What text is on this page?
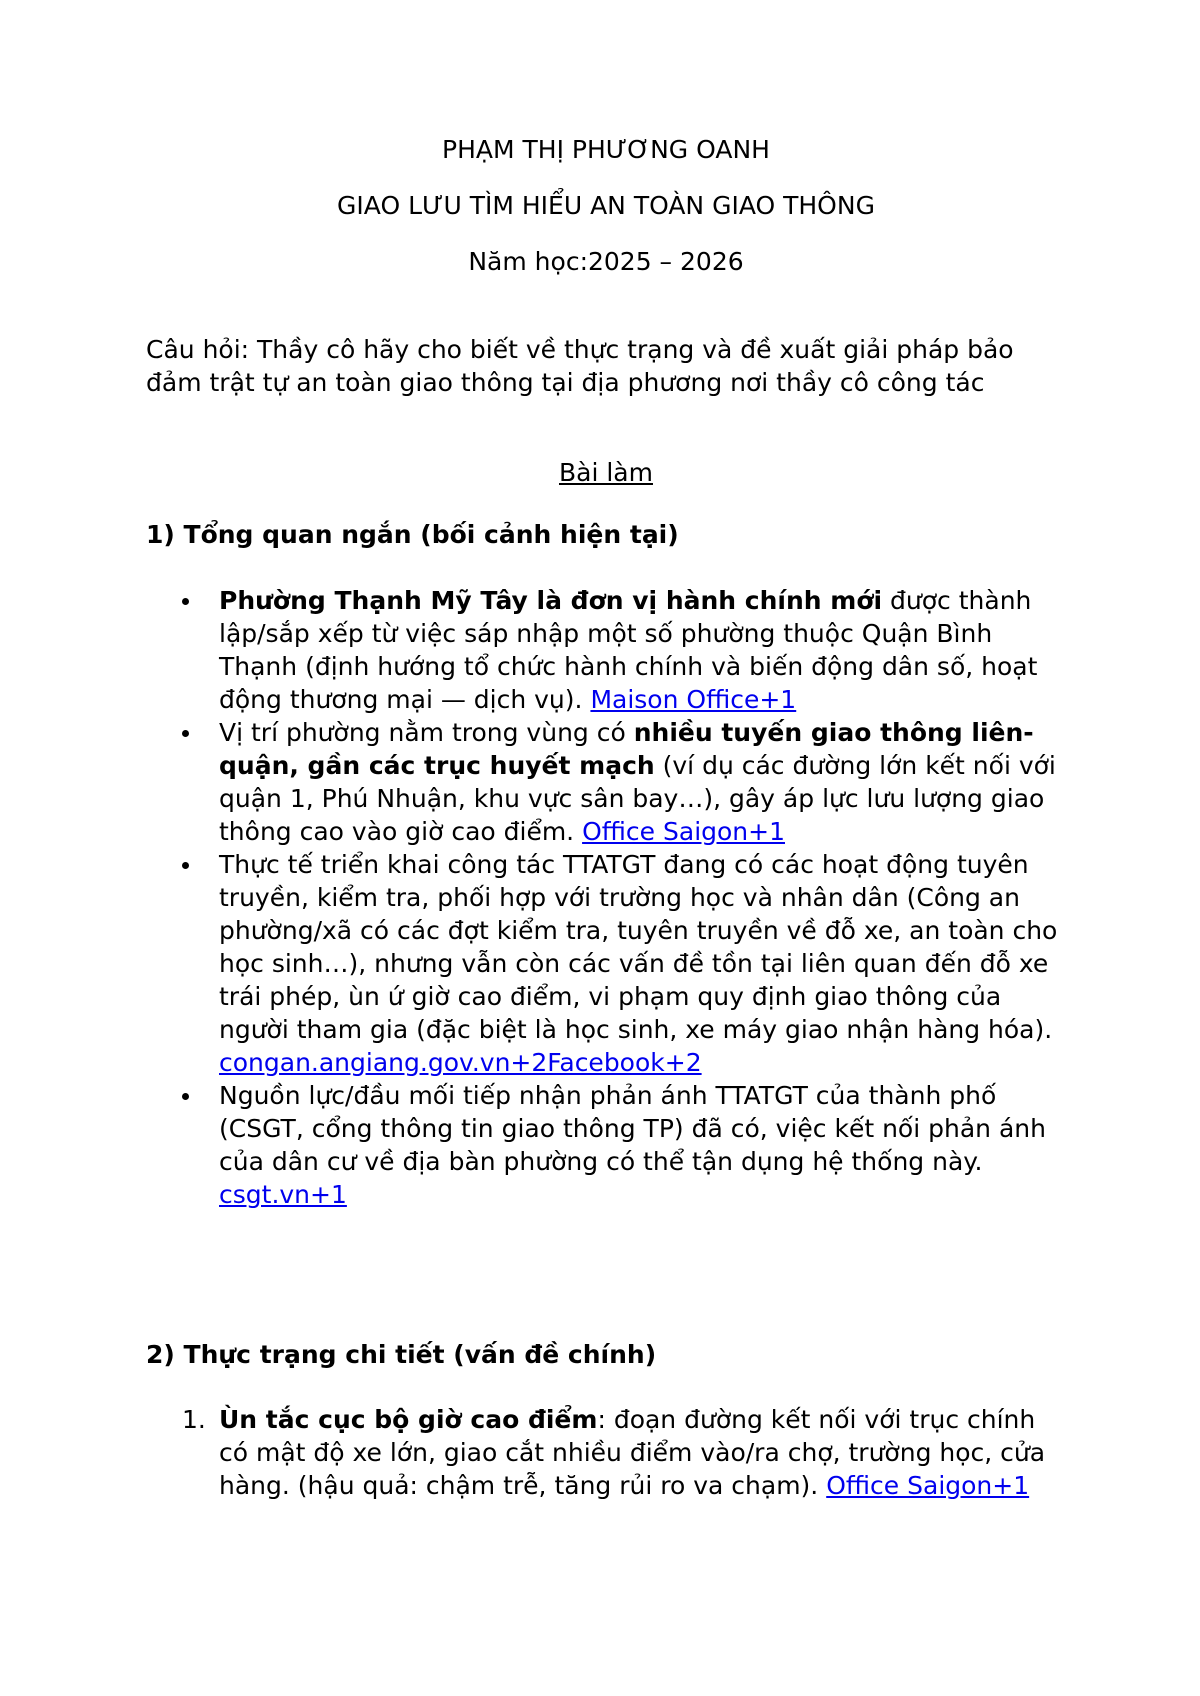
PHẠM THỊ PHƯƠNG OANH

GIAO LƯU TÌM HIỂU AN TOÀN GIAO THÔNG

Năm học:2025 – 2026

Câu hỏi: Thầy cô hãy cho biết về thực trạng và đề xuất giải pháp bảo đảm trật tự an toàn giao thông tại địa phương nơi thầy cô công tác

Bài làm

1) Tổng quan ngắn (bối cảnh hiện tại)

Phường Thạnh Mỹ Tây là đơn vị hành chính mới được thành lập/sắp xếp từ việc sáp nhập một số phường thuộc Quận Bình Thạnh (định hướng tổ chức hành chính và biến động dân số, hoạt động thương mại — dịch vụ). Maison Office+1
Vị trí phường nằm trong vùng có nhiều tuyến giao thông liên-quận, gần các trục huyết mạch (ví dụ các đường lớn kết nối với quận 1, Phú Nhuận, khu vực sân bay…), gây áp lực lưu lượng giao thông cao vào giờ cao điểm. Office Saigon+1
Thực tế triển khai công tác TTATGT đang có các hoạt động tuyên truyền, kiểm tra, phối hợp với trường học và nhân dân (Công an phường/xã có các đợt kiểm tra, tuyên truyền về đỗ xe, an toàn cho học sinh…), nhưng vẫn còn các vấn đề tồn tại liên quan đến đỗ xe trái phép, ùn ứ giờ cao điểm, vi phạm quy định giao thông của người tham gia (đặc biệt là học sinh, xe máy giao nhận hàng hóa). congan.angiang.gov.vn+2Facebook+2
Nguồn lực/đầu mối tiếp nhận phản ánh TTATGT của thành phố (CSGT, cổng thông tin giao thông TP) đã có, việc kết nối phản ánh của dân cư về địa bàn phường có thể tận dụng hệ thống này. csgt.vn+1

2) Thực trạng chi tiết (vấn đề chính)

1. Ùn tắc cục bộ giờ cao điểm: đoạn đường kết nối với trục chính có mật độ xe lớn, giao cắt nhiều điểm vào/ra chợ, trường học, cửa hàng. (hậu quả: chậm trễ, tăng rủi ro va chạm). Office Saigon+1
